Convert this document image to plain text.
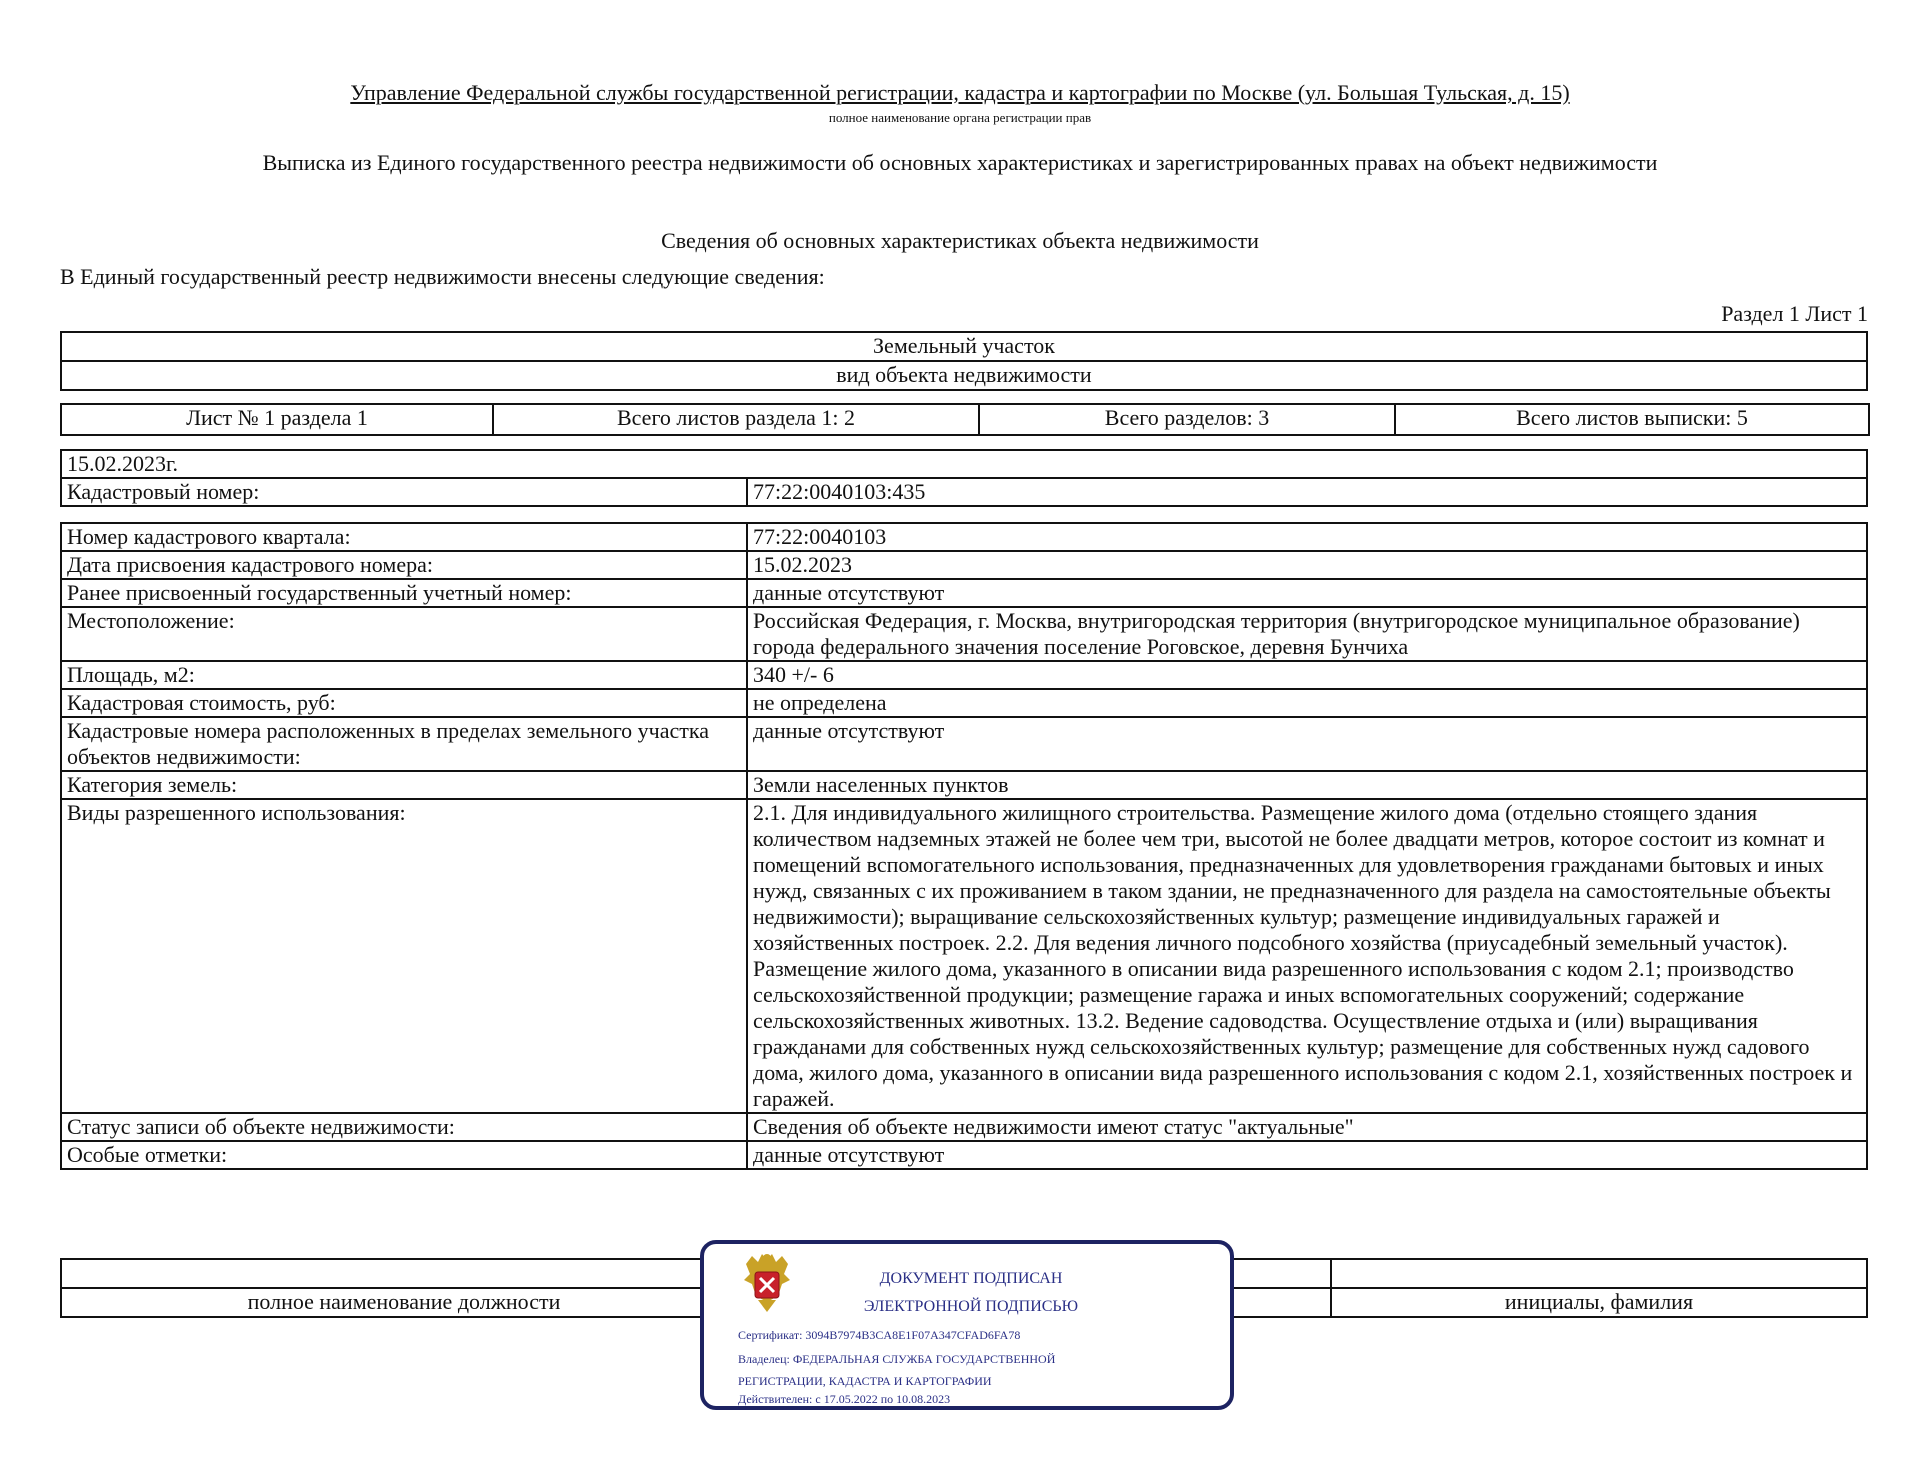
Управление Федеральной службы государственной регистрации, кадастра и картографии по Москве (ул. Большая Тульская, д. 15)
полное наименование органа регистрации прав
Выписка из Единого государственного реестра недвижимости об основных характеристиках и зарегистрированных правах на объект недвижимости
Сведения об основных характеристиках объекта недвижимости
В Единый государственный реестр недвижимости внесены следующие сведения:
Раздел 1 Лист 1
Земельный участок
вид объекта недвижимости
Лист № 1 раздела 1	Всего листов раздела 1: 2	Всего разделов: 3	Всего листов выписки: 5
15.02.2023г.
Кадастровый номер:	77:22:0040103:435
Номер кадастрового квартала:	77:22:0040103
Дата присвоения кадастрового номера:	15.02.2023
Ранее присвоенный государственный учетный номер:	данные отсутствуют
Местоположение:	Российская Федерация, г. Москва, внутригородская территория (внутригородское муниципальное образование) города федерального значения поселение Роговское, деревня Бунчиха
Площадь, м2:	340 +/- 6
Кадастровая стоимость, руб:	не определена
Кадастровые номера расположенных в пределах земельного участка объектов недвижимости:	данные отсутствуют
Категория земель:	Земли населенных пунктов
Виды разрешенного использования:	2.1. Для индивидуального жилищного строительства. Размещение жилого дома (отдельно стоящего здания количеством надземных этажей не более чем три, высотой не более двадцати метров, которое состоит из комнат и помещений вспомогательного использования, предназначенных для удовлетворения гражданами бытовых и иных нужд, связанных с их проживанием в таком здании, не предназначенного для раздела на самостоятельные объекты недвижимости); выращивание сельскохозяйственных культур; размещение индивидуальных гаражей и хозяйственных построек. 2.2. Для ведения личного подсобного хозяйства (приусадебный земельный участок). Размещение жилого дома, указанного в описании вида разрешенного использования с кодом 2.1; производство сельскохозяйственной продукции; размещение гаража и иных вспомогательных сооружений; содержание сельскохозяйственных животных. 13.2. Ведение садоводства. Осуществление отдыха и (или) выращивания гражданами для собственных нужд сельскохозяйственных культур; размещение для собственных нужд садового дома, жилого дома, указанного в описании вида разрешенного использования с кодом 2.1, хозяйственных построек и гаражей.
Статус записи об объекте недвижимости:	Сведения об объекте недвижимости имеют статус "актуальные"
Особые отметки:	данные отсутствуют

полное наименование должности		инициалы, фамилия
ДОКУМЕНТ ПОДПИСАН
ЭЛЕКТРОННОЙ ПОДПИСЬЮ
Сертификат: 3094B7974B3CA8E1F07A347CFAD6FA78
Владелец: ФЕДЕРАЛЬНАЯ СЛУЖБА ГОСУДАРСТВЕННОЙ
РЕГИСТРАЦИИ, КАДАСТРА И КАРТОГРАФИИ
Действителен: с 17.05.2022 по 10.08.2023
